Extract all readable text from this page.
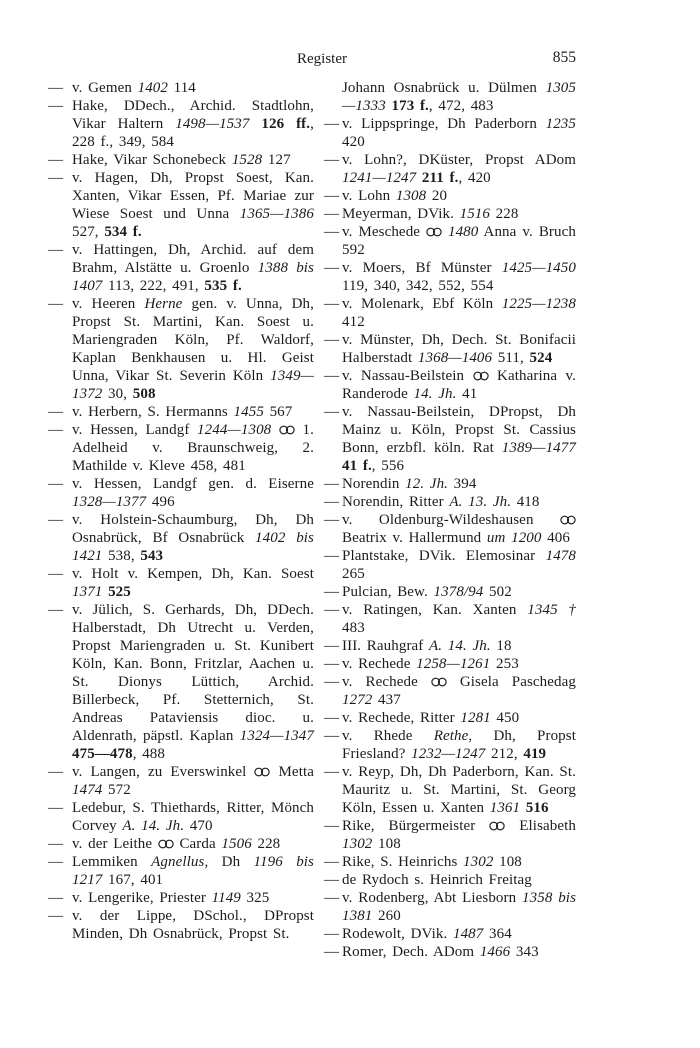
Register	855
— v. Gemen 1402 114
— Hake, DDech., Archid. Stadtlohn, Vikar Haltern 1498—1537 126 ff., 228 f., 349, 584
— Hake, Vikar Schonebeck 1528 127
— v. Hagen, Dh, Propst Soest, Kan. Xanten, Vikar Essen, Pf. Mariae zur Wiese Soest und Unna 1365—1386 527, 534 f.
— v. Hattingen, Dh, Archid. auf dem Brahm, Alstätte u. Groenlo 1388 bis 1407 113, 222, 491, 535 f.
— v. Heeren Herne gen. v. Unna, Dh, Propst St. Martini, Kan. Soest u. Mariengraden Köln, Pf. Waldorf, Kaplan Benkhausen u. Hl. Geist Unna, Vikar St. Severin Köln 1349—1372 30, 508
— v. Herbern, S. Hermanns 1455 567
— v. Hessen, Landgf 1244—1308
1. Adelheid v. Braunschweig, 2. Mathilde v. Kleve 458, 481
— v. Hessen, Landgf gen. d. Eiserne 1328—1377 496
— v. Holstein-Schaumburg, Dh, Dh Osnabrück, Bf Osnabrück 1402 bis 1421 538, 543
— v. Holt v. Kempen, Dh, Kan. Soest 1371 525
— v. Jülich, S. Gerhards, Dh, DDech. Halberstadt, Dh Utrecht u. Verden, Propst Mariengraden u. St. Kunibert Köln, Kan. Bonn, Fritzlar, Aachen u. St. Dionys Lüttich, Archid. Billerbeck, Pf. Stetternich, St. Andreas Pataviensis dioc. u. Aldenrath, päpstl. Kaplan 1324—1347 475—478, 488
— v. Langen, zu Everswinkel
Metta 1474 572
— Ledebur, S. Thiethards, Ritter, Mönch Corvey A. 14. Jh. 470
— v. der Leithe
Carda 1506 228
— Lemmiken Agnellus, Dh 1196 bis 1217 167, 401
— v. Lengerike, Priester 1149 325
— v. der Lippe, DSchol., DPropst Minden, Dh Osnabrück, Propst St.
Johann Osnabrück u. Dülmen 1305—1333 173 f., 472, 483
— v. Lippspringe, Dh Paderborn 1235 420
— v. Lohn?, DKüster, Propst ADom 1241—1247 211 f., 420
— v. Lohn 1308 20
— Meyerman, DVik. 1516 228
— v. Meschede
1480 Anna v. Bruch 592
— v. Moers, Bf Münster 1425—1450 119, 340, 342, 552, 554
— v. Molenark, Ebf Köln 1225—1238 412
— v. Münster, Dh, Dech. St. Bonifacii Halberstadt 1368—1406 511, 524
— v. Nassau-Beilstein
Katharina v. Randerode 14. Jh. 41
— v. Nassau-Beilstein, DPropst, Dh Mainz u. Köln, Propst St. Cassius Bonn, erzbfl. köln. Rat 1389—1477 41 f., 556
— Norendin 12. Jh. 394
— Norendin, Ritter A. 13. Jh. 418
— v. Oldenburg-Wildeshausen
Beatrix v. Hallermund um 1200 406
— Plantstake, DVik. Elemosinar 1478 265
— Pulcian, Bew. 1378/94 502
— v. Ratingen, Kan. Xanten 1345 † 483
— III. Rauhgraf A. 14. Jh. 18
— v. Rechede 1258—1261 253
— v. Rechede
Gisela Paschedag 1272 437
— v. Rechede, Ritter 1281 450
— v. Rhede Rethe, Dh, Propst Friesland? 1232—1247 212, 419
— v. Reyp, Dh, Dh Paderborn, Kan. St. Mauritz u. St. Martini, St. Georg Köln, Essen u. Xanten 1361 516
— Rike, Bürgermeister
Elisabeth 1302 108
— Rike, S. Heinrichs 1302 108
— de Rydoch s. Heinrich Freitag
— v. Rodenberg, Abt Liesborn 1358 bis 1381 260
— Rodewolt, DVik. 1487 364
— Romer, Dech. ADom 1466 343
